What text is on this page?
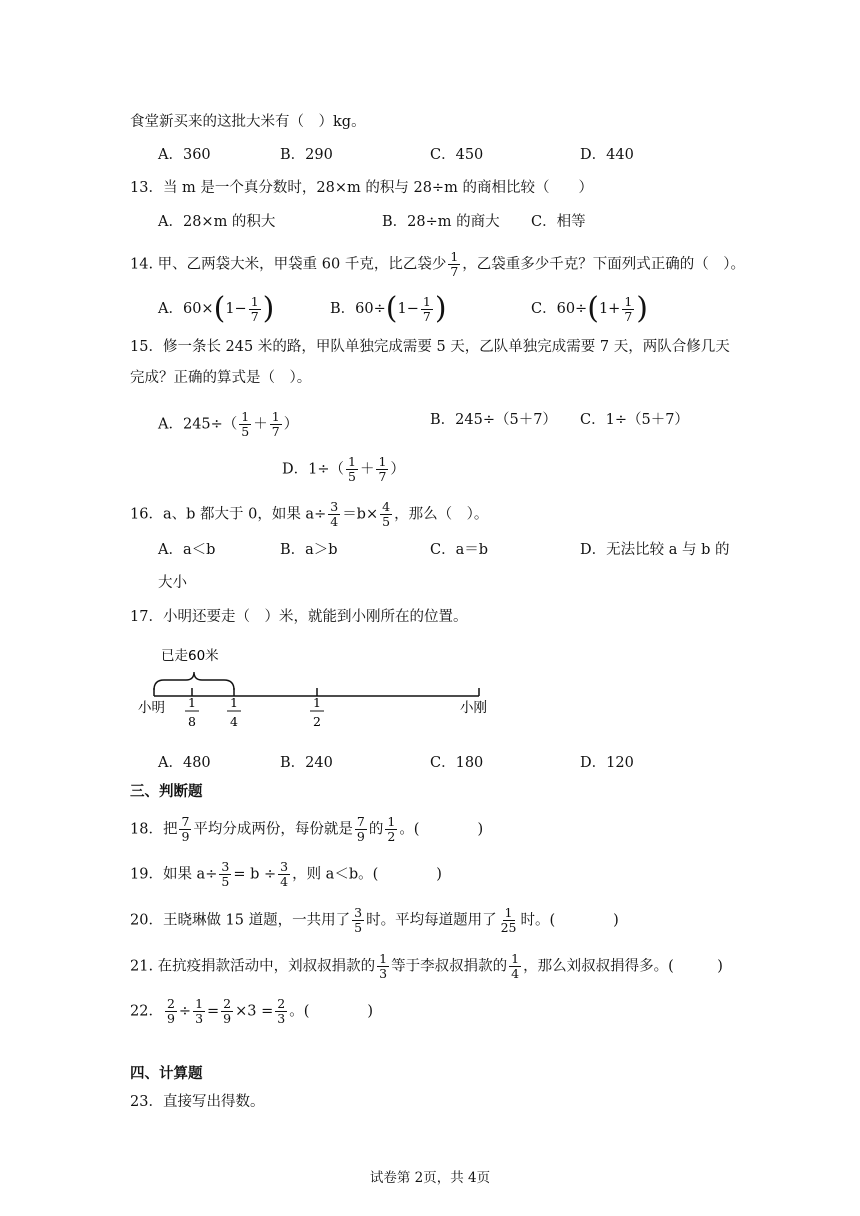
食堂新买来的这批大米有（　）kg。
A．360	B．290	C．450	D．440
13．当 m 是一个真分数时，28×m 的积与 28÷m 的商相比较（　　）
A．28×m 的积大	B．28÷m 的商大 C．相等
14. 甲、乙两袋大米，甲袋重 60 千克，比乙袋少 $\frac{1}{7}$ ，乙袋重多少千克？下面列式正确的（　）。
A．$60\times(1- \frac{1}{7}$ )	B．$60\div(1- \frac{1}{7}$ )	C．$60\div(1+ \frac{1}{7}$ )
15．修一条长 245 米的路，甲队单独完成需要 5 天，乙队单独完成需要 7 天，两队合修几天
完成？正确的算式是（　）。
A．$245\div( \frac{1}{5} + \frac{1}{7}$ ）	B．245÷（5＋7） C．1÷（5＋7）
D．$1\div( \frac{1}{5} + \frac{1}{7}$ ）
16．a、b 都大于 0，如果 $a\div \frac{3}{4} =b\times \frac{4}{5}$ ，那么（　）。
A．a＜b	B．a＞b	C．a＝b	D．无法比较 a 与 b 的
大小
17．小明还要走（　）米，就能到小刚所在的位置。
已走60米
小明	小刚
1
8
1
4
1
2
A．480	B．240	C．180	D．120
三、判断题
18．把 $\frac{7}{9}$ 平均分成两份，每份就是 $\frac{7}{9}$ 的 $\frac{1}{2}$ 。(　　　　)
19．如果 $a\div \frac{3}{5} = b \div \frac{3}{4}$ ，则 a＜b。(　　　　)
20．王晓琳做 15 道题，一共用了 $\frac{3}{5}$ 时。平均每道题用了 $\frac{1}{25}$ 时。(　　　　)
21. 在抗疫捐款活动中，刘叔叔捐款的 $\frac{1}{3}$ 等于李叔叔捐款的 $\frac{1}{4}$ ，那么刘叔叔捐得多。(　　　)
22． $\frac{2}{9} \div \frac{1}{3} = \frac{2}{9} \times 3 = \frac{2}{3}$ 。(　　　　)
四、计算题
23．直接写出得数。
试卷第 2页，共 4页
